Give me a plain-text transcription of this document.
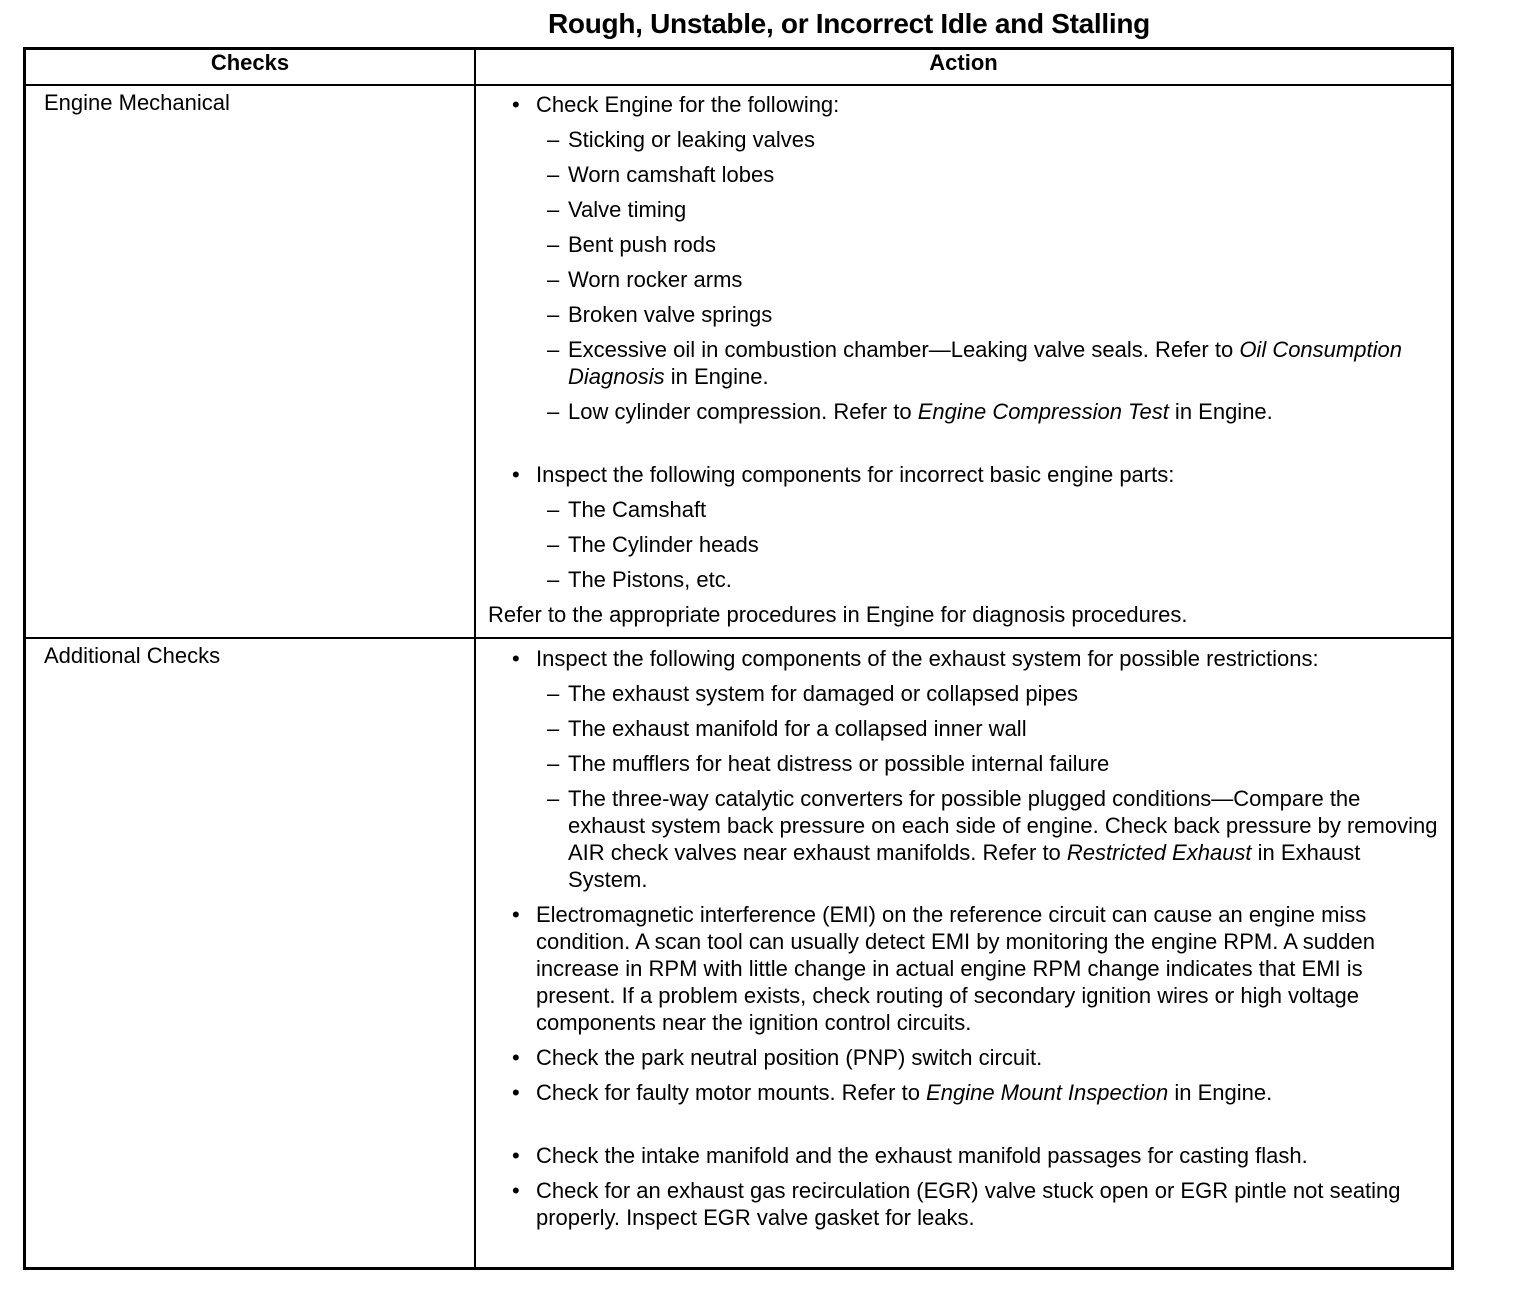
Rough, Unstable, or Incorrect Idle and Stalling
Checks	Action
Engine Mechanical	
•Check Engine for the following:
– Sticking or leaking valves
– Worn camshaft lobes
– Valve timing
– Bent push rods
– Worn rocker arms
– Broken valve springs
– Excessive oil in combustion chamber—Leaking valve seals. Refer to Oil Consumption Diagnosis in Engine.
– Low cylinder compression. Refer to Engine Compression Test in Engine.
• Inspect the following components for incorrect basic engine parts:
– The Camshaft
– The Cylinder heads
– The Pistons, etc.
Refer to the appropriate procedures in Engine for diagnosis procedures.

Additional Checks	
•Inspect the following components of the exhaust system for possible restrictions:
– The exhaust system for damaged or collapsed pipes
– The exhaust manifold for a collapsed inner wall
– The mufflers for heat distress or possible internal failure
– The three-way catalytic converters for possible plugged conditions—Compare the exhaust system back pressure on each side of engine. Check back pressure by removing AIR check valves near exhaust manifolds. Refer to Restricted Exhaust in Exhaust System.
• Electromagnetic interference (EMI) on the reference circuit can cause an engine miss condition. A scan tool can usually detect EMI by monitoring the engine RPM. A sudden increase in RPM with little change in actual engine RPM change indicates that EMI is present. If a problem exists, check routing of secondary ignition wires or high voltage components near the ignition control circuits.
• Check the park neutral position (PNP) switch circuit.
• Check for faulty motor mounts. Refer to Engine Mount Inspection in Engine.
• Check the intake manifold and the exhaust manifold passages for casting flash.
• Check for an exhaust gas recirculation (EGR) valve stuck open or EGR pintle not seating properly. Inspect EGR valve gasket for leaks.
